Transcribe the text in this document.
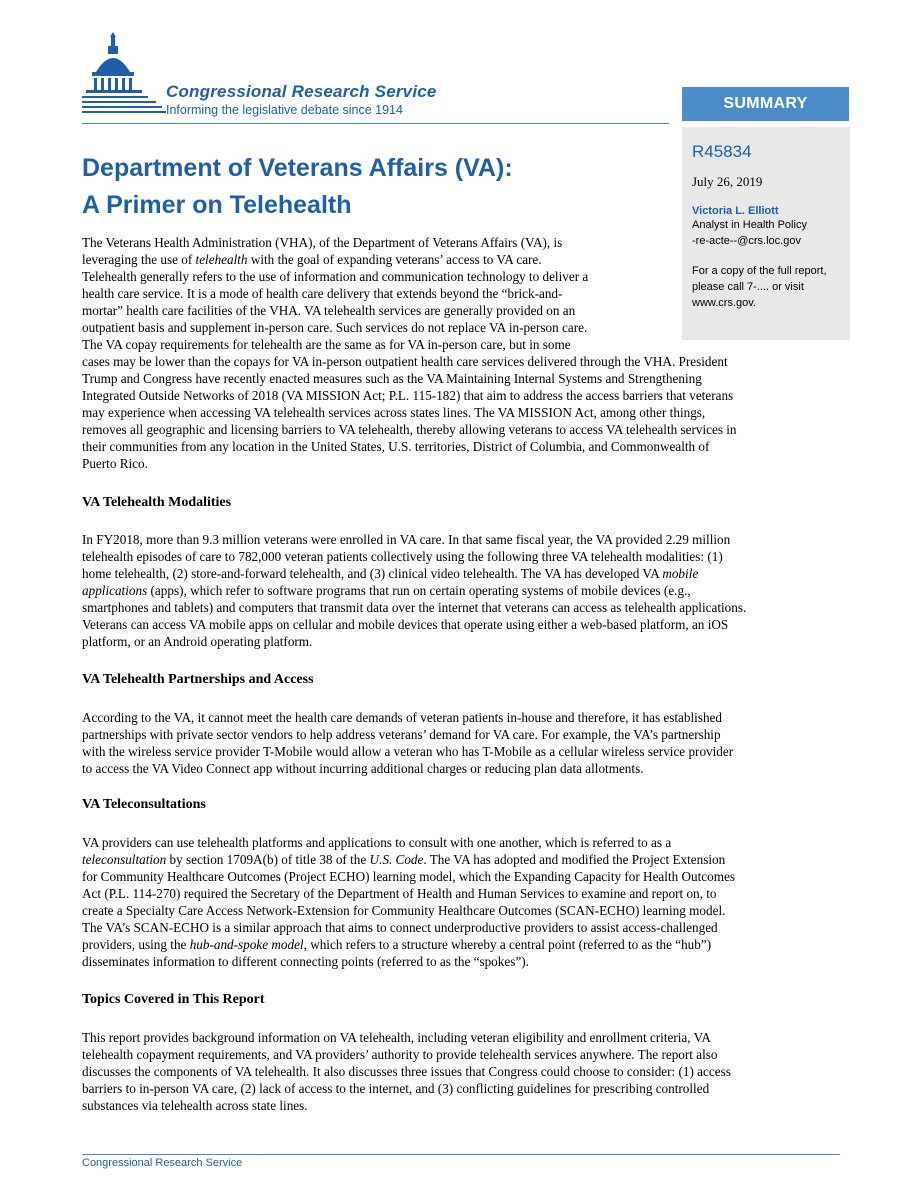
Congressional Research Service
Informing the legislative debate since 1914	SUMMARY
R45834
July 26, 2019
Victoria L. Elliott
Analyst in Health Policy
-re-acte--@crs.loc.gov
For a copy of the full report,
please call 7-.... or visit
www.crs.gov.
Department of Veterans Affairs (VA):
A Primer on Telehealth
The Veterans Health Administration (VHA), of the Department of Veterans Affairs (VA), is
leveraging the use of telehealth with the goal of expanding veterans’ access to VA care.
Telehealth generally refers to the use of information and communication technology to deliver a
health care service. It is a mode of health care delivery that extends beyond the “brick-and-
mortar” health care facilities of the VHA. VA telehealth services are generally provided on an
outpatient basis and supplement in-person care. Such services do not replace VA in-person care.
The VA copay requirements for telehealth are the same as for VA in-person care, but in some
cases may be lower than the copays for VA in-person outpatient health care services delivered through the VHA. President
Trump and Congress have recently enacted measures such as the VA Maintaining Internal Systems and Strengthening
Integrated Outside Networks of 2018 (VA MISSION Act; P.L. 115-182) that aim to address the access barriers that veterans
may experience when accessing VA telehealth services across states lines. The VA MISSION Act, among other things,
removes all geographic and licensing barriers to VA telehealth, thereby allowing veterans to access VA telehealth services in
their communities from any location in the United States, U.S. territories, District of Columbia, and Commonwealth of
Puerto Rico.
VA Telehealth Modalities
In FY2018, more than 9.3 million veterans were enrolled in VA care. In that same fiscal year, the VA provided 2.29 million
telehealth episodes of care to 782,000 veteran patients collectively using the following three VA telehealth modalities: (1)
home telehealth, (2) store-and-forward telehealth, and (3) clinical video telehealth. The VA has developed VA mobile
applications (apps), which refer to software programs that run on certain operating systems of mobile devices (e.g.,
smartphones and tablets) and computers that transmit data over the internet that veterans can access as telehealth applications.
Veterans can access VA mobile apps on cellular and mobile devices that operate using either a web-based platform, an iOS
platform, or an Android operating platform.
VA Telehealth Partnerships and Access
According to the VA, it cannot meet the health care demands of veteran patients in-house and therefore, it has established
partnerships with private sector vendors to help address veterans’ demand for VA care. For example, the VA’s partnership
with the wireless service provider T-Mobile would allow a veteran who has T-Mobile as a cellular wireless service provider
to access the VA Video Connect app without incurring additional charges or reducing plan data allotments.
VA Teleconsultations
VA providers can use telehealth platforms and applications to consult with one another, which is referred to as a
teleconsultation by section 1709A(b) of title 38 of the U.S. Code. The VA has adopted and modified the Project Extension
for Community Healthcare Outcomes (Project ECHO) learning model, which the Expanding Capacity for Health Outcomes
Act (P.L. 114-270) required the Secretary of the Department of Health and Human Services to examine and report on, to
create a Specialty Care Access Network-Extension for Community Healthcare Outcomes (SCAN-ECHO) learning model.
The VA’s SCAN-ECHO is a similar approach that aims to connect underproductive providers to assist access-challenged
providers, using the hub-and-spoke model, which refers to a structure whereby a central point (referred to as the “hub”)
disseminates information to different connecting points (referred to as the “spokes”).
Topics Covered in This Report
This report provides background information on VA telehealth, including veteran eligibility and enrollment criteria, VA
telehealth copayment requirements, and VA providers’ authority to provide telehealth services anywhere. The report also
discusses the components of VA telehealth. It also discusses three issues that Congress could choose to consider: (1) access
barriers to in-person VA care, (2) lack of access to the internet, and (3) conflicting guidelines for prescribing controlled
substances via telehealth across state lines.
Congressional Research Service
